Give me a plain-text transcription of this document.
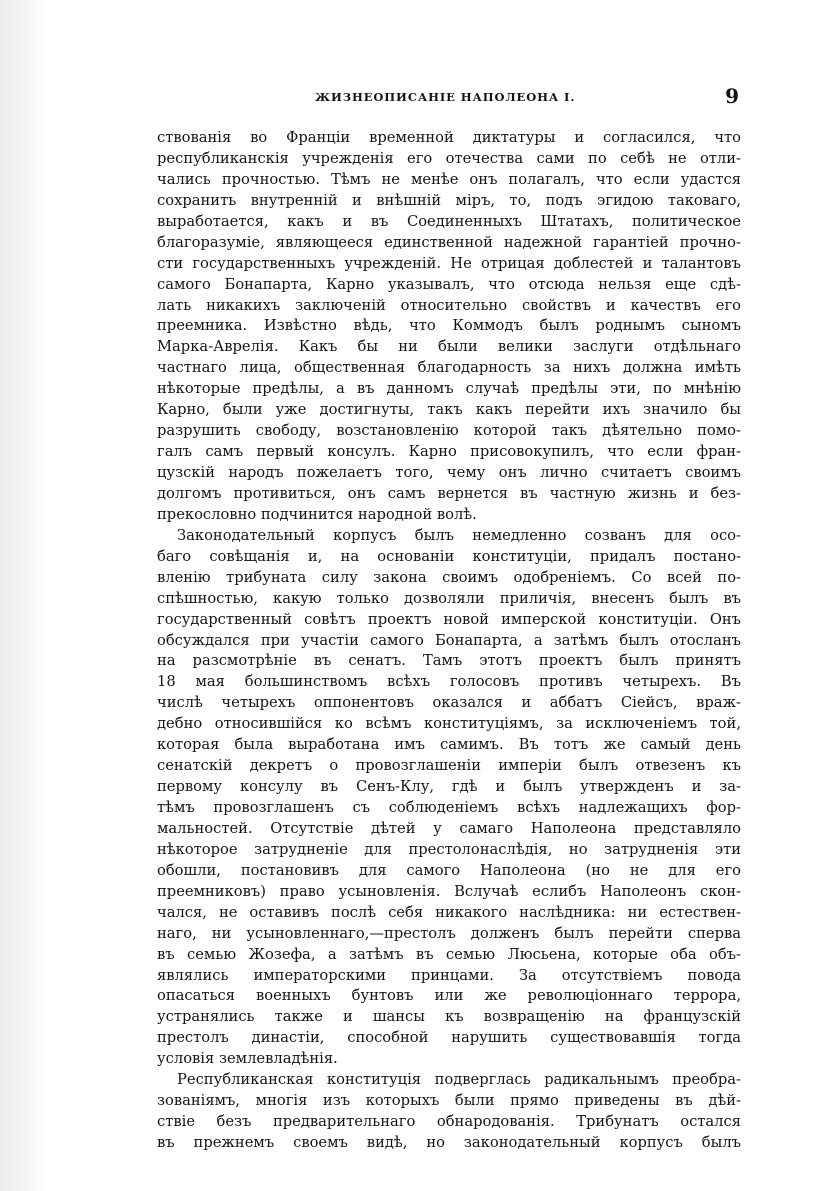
ЖИЗНЕОПИСАНІЕ НАПОЛЕОНА I.	9
ствованія во Франціи временной диктатуры и согласился, что
республиканскія учрежденія его отечества сами по себѣ не отли-
чались прочностью. Тѣмъ не менѣе онъ полагалъ, что если удастся
сохранить внутренній и внѣшній міръ, то, подъ эгидою таковаго,
выработается, какъ и въ Соединенныхъ Штатахъ, политическое
благоразуміе, являющееся единственной надежной гарантіей прочно-
сти государственныхъ учрежденій. Не отрицая доблестей и талантовъ
самого Бонапарта, Карно указывалъ, что отсюда нельзя еще сдѣ-
лать никакихъ заключеній относительно свойствъ и качествъ его
преемника. Извѣстно вѣдь, что Коммодъ былъ роднымъ сыномъ
Марка-Аврелія. Какъ бы ни были велики заслуги отдѣльнаго
частнаго лица, общественная благодарность за нихъ должна имѣть
нѣкоторые предѣлы, а въ данномъ случаѣ предѣлы эти, по мнѣнію
Карно, были уже достигнуты, такъ какъ перейти ихъ значило бы
разрушить свободу, возстановленію которой такъ дѣятельно помо-
галъ самъ первый консулъ. Карно присовокупилъ, что если фран-
цузскій народъ пожелаетъ того, чему онъ лично считаетъ своимъ
долгомъ противиться, онъ самъ вернется въ частную жизнь и без-
прекословно подчинится народной волѣ.
Законодательный корпусъ былъ немедленно созванъ для осо-
баго совѣщанія и, на основаніи конституціи, придалъ постано-
вленію трибуната силу закона своимъ одобреніемъ. Со всей по-
спѣшностью, какую только дозволяли приличія, внесенъ былъ въ
государственный совѣтъ проектъ новой имперской конституціи. Онъ
обсуждался при участіи самого Бонапарта, а затѣмъ былъ отосланъ
на разсмотрѣніе въ сенатъ. Тамъ этотъ проектъ былъ принятъ
18 мая большинствомъ всѣхъ голосовъ противъ четырехъ. Въ
числѣ четырехъ оппонентовъ оказался и аббатъ Сіейсъ, враж-
дебно относившійся ко всѣмъ конституціямъ, за исключеніемъ той,
которая была выработана имъ самимъ. Въ тотъ же самый день
сенатскій декретъ о провозглашеніи имперіи былъ отвезенъ къ
первому консулу въ Сенъ-Клу, гдѣ и былъ утвержденъ и за-
тѣмъ провозглашенъ съ соблюденіемъ всѣхъ надлежащихъ фор-
мальностей. Отсутствіе дѣтей у самаго Наполеона представляло
нѣкоторое затрудненіе для престолонаслѣдія, но затрудненія эти
обошли, постановивъ для самого Наполеона (но не для его
преемниковъ) право усыновленія. Вслучаѣ еслибъ Наполеонъ скон-
чался, не оставивъ послѣ себя никакого наслѣдника: ни естествен-
наго, ни усыновленнаго,—престолъ долженъ былъ перейти сперва
въ семью Жозефа, а затѣмъ въ семью Люсьена, которые оба объ-
являлись императорскими принцами. За отсутствіемъ повода
опасаться военныхъ бунтовъ или же революціоннаго террора,
устранялись также и шансы къ возвращенію на французскій
престолъ династіи, способной нарушить существовавшія тогда
условія землевладѣнія.
Республиканская конституція подверглась радикальнымъ преобра-
зованіямъ, многія изъ которыхъ были прямо приведены въ дѣй-
ствіе безъ предварительнаго обнародованія. Трибунатъ остался
въ прежнемъ своемъ видѣ, но законодательный корпусъ былъ
